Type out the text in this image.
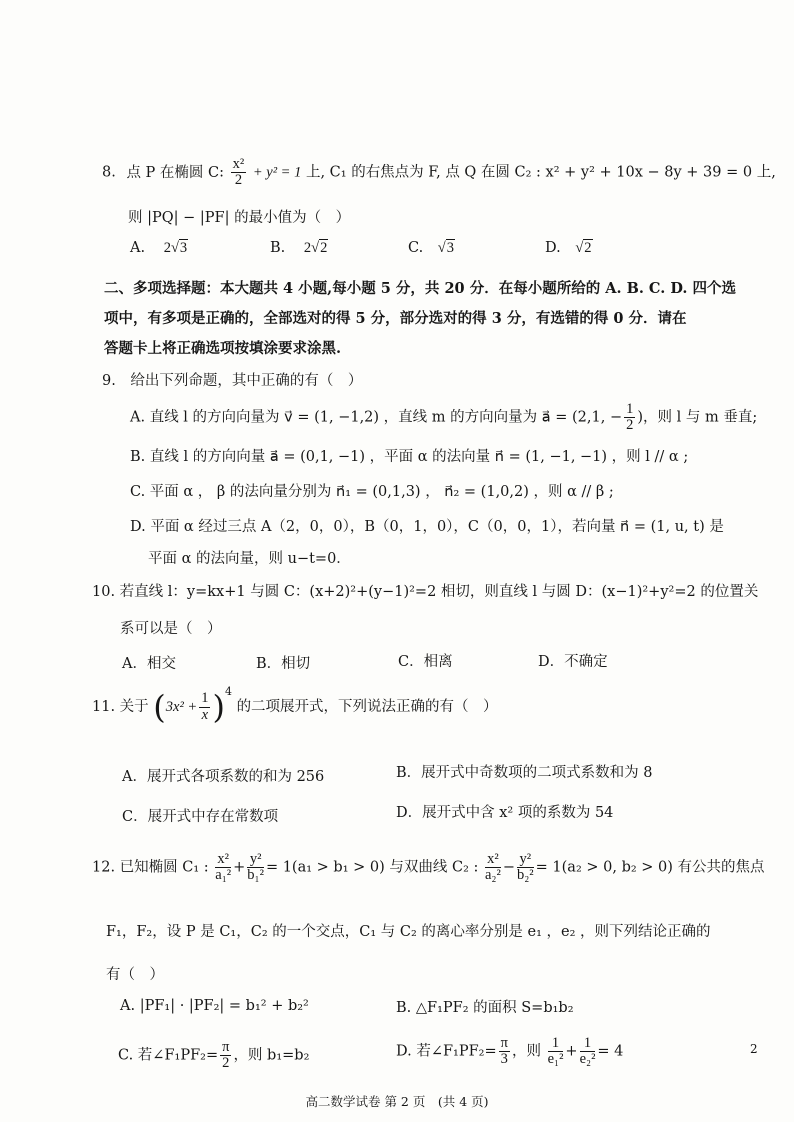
8. 点 P 在椭圆 C: $\frac{\text{x²}}{2} + y^2 = 1$ 上, C₁ 的右焦点为 F, 点 Q 在圆 C₂ : x² + y² + 10x − 8y + 39 = 0 上,
则 |PQ| − |PF| 的最小值为（　）
A. 2√3	B. 2√2	C. √3	D. √2
二、多项选择题：本大题共 4 小题,每小题 5 分，共 20 分．在每小题所给的 A. B. C. D. 四个选
项中，有多项是正确的，全部选对的得 5 分，部分选对的得 3 分，有选错的得 0 分．请在
答题卡上将正确选项按填涂要求涂黑.
9.　给出下列命题，其中正确的有（　）
A. 直线 l 的方向向量为 v⃗ = (1, −1,2) ，直线 m 的方向向量为 a⃗ = (2,1, − $\frac{1}{2}$ )，则 l 与 m 垂直;
B. 直线 l 的方向向量 a⃗ = (0,1, −1) ，平面 α 的法向量 n⃗ = (1, −1, −1) ，则 l // α ;
C. 平面 α ， β 的法向量分别为 n⃗₁ = (0,1,3) ， n⃗₂ = (1,0,2) ，则 α // β ;
D. 平面 α 经过三点 A（2，0，0），B（0，1，0），C（0，0，1），若向量 n⃗ = (1, u, t) 是
平面 α 的法向量，则 u−t=0．
10. 若直线 l：y=kx+1 与圆 C：(x+2)²+(y−1)²=2 相切，则直线 l 与圆 D：(x−1)²+y²=2 的位置关
系可以是（　）
A．相交	B．相切	C．相离	D．不确定
11. 关于 $(3x^2 + \frac{1}{x} )^4$ 的二项展开式，下列说法正确的有（　）
A．展开式各项系数的和为 256	B．展开式中奇数项的二项式系数和为 8
C．展开式中存在常数项	D．展开式中含 x² 项的系数为 54
12. 已知椭圆 C₁ : $\frac{\text{x²}}{\text{a₁²}} + \frac{\text{y²}}{\text{b₁²}} = 1(a_1 > b_1 > 0)$ 与双曲线 C₂ : $\frac{\text{x²}}{\text{a₂²}} - \frac{\text{y²}}{\text{b₂²}} = 1(a_2 > 0$, b₂ > 0) 有公共的焦点
F₁，F₂，设 P 是 C₁，C₂ 的一个交点，C₁ 与 C₂ 的离心率分别是 e₁ ，e₂ ，则下列结论正确的
有（　）
A. |PF₁| · |PF₂| = b₁² + b₂²	B. △F₁PF₂ 的面积 S=b₁b₂
C. 若∠F₁PF₂= $\frac{\pi}{2}$ ，则 b₁=b₂	D. 若∠F₁PF₂= $\frac{\pi}{3}$ ，则 $\frac{1}{\text{e₁²}} + \frac{1}{\text{e₂²}} = 4$	2
高二数学试卷 第 2 页　(共 4 页)
